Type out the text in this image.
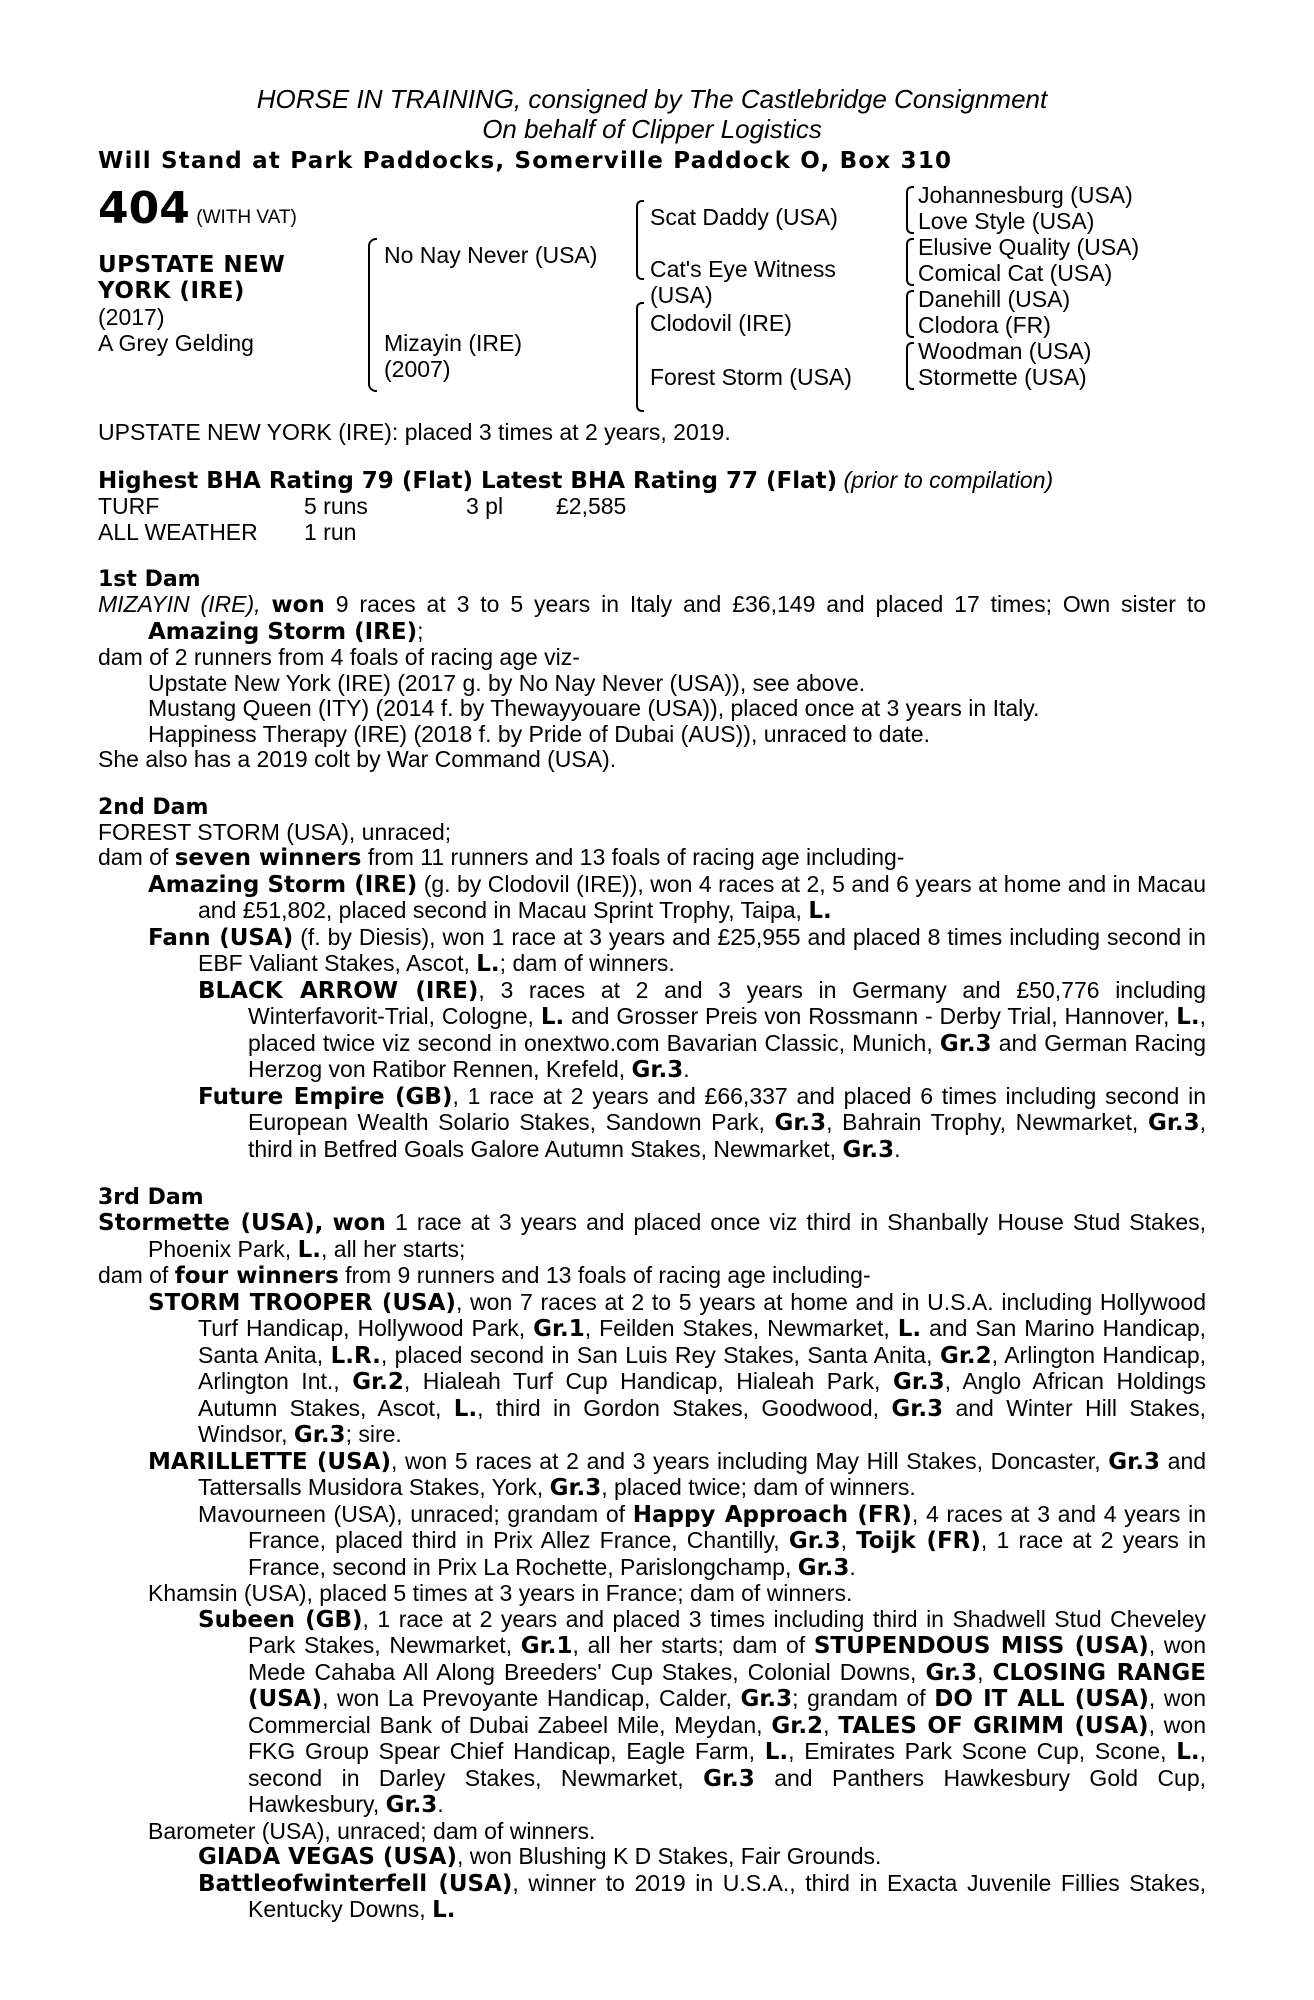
HORSE IN TRAINING, consigned by The Castlebridge Consignment
On behalf of Clipper Logistics
Will Stand at Park Paddocks, Somerville Paddock O, Box 310
404 (WITH VAT)
UPSTATE NEW
YORK (IRE)
(2017)
A Grey Gelding
No Nay Never (USA)
Mizayin (IRE)
(2007)
Scat Daddy (USA)
Cat's Eye Witness
(USA)
Clodovil (IRE)
Forest Storm (USA)
Johannesburg (USA)
Love Style (USA)
Elusive Quality (USA)
Comical Cat (USA)
Danehill (USA)
Clodora (FR)
Woodman (USA)
Stormette (USA)
UPSTATE NEW YORK (IRE): placed 3 times at 2 years, 2019.
Highest BHA Rating 79 (Flat) Latest BHA Rating 77 (Flat) (prior to compilation)
TURF	5 runs	3 pl	£2,585
ALL WEATHER	1 run
1st Dam
MIZAYIN (IRE), won 9 races at 3 to 5 years in Italy and £36,149 and placed 17 times; Own sister to Amazing Storm (IRE);
dam of 2 runners from 4 foals of racing age viz-
Upstate New York (IRE) (2017 g. by No Nay Never (USA)), see above.
Mustang Queen (ITY) (2014 f. by Thewayyouare (USA)), placed once at 3 years in Italy.
Happiness Therapy (IRE) (2018 f. by Pride of Dubai (AUS)), unraced to date.
She also has a 2019 colt by War Command (USA).
2nd Dam
FOREST STORM (USA), unraced;
dam of seven winners from 11 runners and 13 foals of racing age including-
Amazing Storm (IRE) (g. by Clodovil (IRE)), won 4 races at 2, 5 and 6 years at home and in Macau and £51,802, placed second in Macau Sprint Trophy, Taipa, L.
Fann (USA) (f. by Diesis), won 1 race at 3 years and £25,955 and placed 8 times including second in EBF Valiant Stakes, Ascot, L.; dam of winners.
BLACK ARROW (IRE), 3 races at 2 and 3 years in Germany and £50,776 including Winterfavorit-Trial, Cologne, L. and Grosser Preis von Rossmann - Derby Trial, Hannover, L., placed twice viz second in onextwo.com Bavarian Classic, Munich, Gr.3 and German Racing Herzog von Ratibor Rennen, Krefeld, Gr.3.
Future Empire (GB), 1 race at 2 years and £66,337 and placed 6 times including second in European Wealth Solario Stakes, Sandown Park, Gr.3, Bahrain Trophy, Newmarket, Gr.3, third in Betfred Goals Galore Autumn Stakes, Newmarket, Gr.3.
3rd Dam
Stormette (USA), won 1 race at 3 years and placed once viz third in Shanbally House Stud Stakes, Phoenix Park, L., all her starts;
dam of four winners from 9 runners and 13 foals of racing age including-
STORM TROOPER (USA), won 7 races at 2 to 5 years at home and in U.S.A. including Hollywood Turf Handicap, Hollywood Park, Gr.1, Feilden Stakes, Newmarket, L. and San Marino Handicap, Santa Anita, L.R., placed second in San Luis Rey Stakes, Santa Anita, Gr.2, Arlington Handicap, Arlington Int., Gr.2, Hialeah Turf Cup Handicap, Hialeah Park, Gr.3, Anglo African Holdings Autumn Stakes, Ascot, L., third in Gordon Stakes, Goodwood, Gr.3 and Winter Hill Stakes, Windsor, Gr.3; sire.
MARILLETTE (USA), won 5 races at 2 and 3 years including May Hill Stakes, Doncaster, Gr.3 and Tattersalls Musidora Stakes, York, Gr.3, placed twice; dam of winners.
Mavourneen (USA), unraced; grandam of Happy Approach (FR), 4 races at 3 and 4 years in France, placed third in Prix Allez France, Chantilly, Gr.3, Toijk (FR), 1 race at 2 years in France, second in Prix La Rochette, Parislongchamp, Gr.3.
Khamsin (USA), placed 5 times at 3 years in France; dam of winners.
Subeen (GB), 1 race at 2 years and placed 3 times including third in Shadwell Stud Cheveley Park Stakes, Newmarket, Gr.1, all her starts; dam of STUPENDOUS MISS (USA), won Mede Cahaba All Along Breeders' Cup Stakes, Colonial Downs, Gr.3, CLOSING RANGE (USA), won La Prevoyante Handicap, Calder, Gr.3; grandam of DO IT ALL (USA), won Commercial Bank of Dubai Zabeel Mile, Meydan, Gr.2, TALES OF GRIMM (USA), won FKG Group Spear Chief Handicap, Eagle Farm, L., Emirates Park Scone Cup, Scone, L., second in Darley Stakes, Newmarket, Gr.3 and Panthers Hawkesbury Gold Cup, Hawkesbury, Gr.3.
Barometer (USA), unraced; dam of winners.
GIADA VEGAS (USA), won Blushing K D Stakes, Fair Grounds.
Battleofwinterfell (USA), winner to 2019 in U.S.A., third in Exacta Juvenile Fillies Stakes, Kentucky Downs, L.
